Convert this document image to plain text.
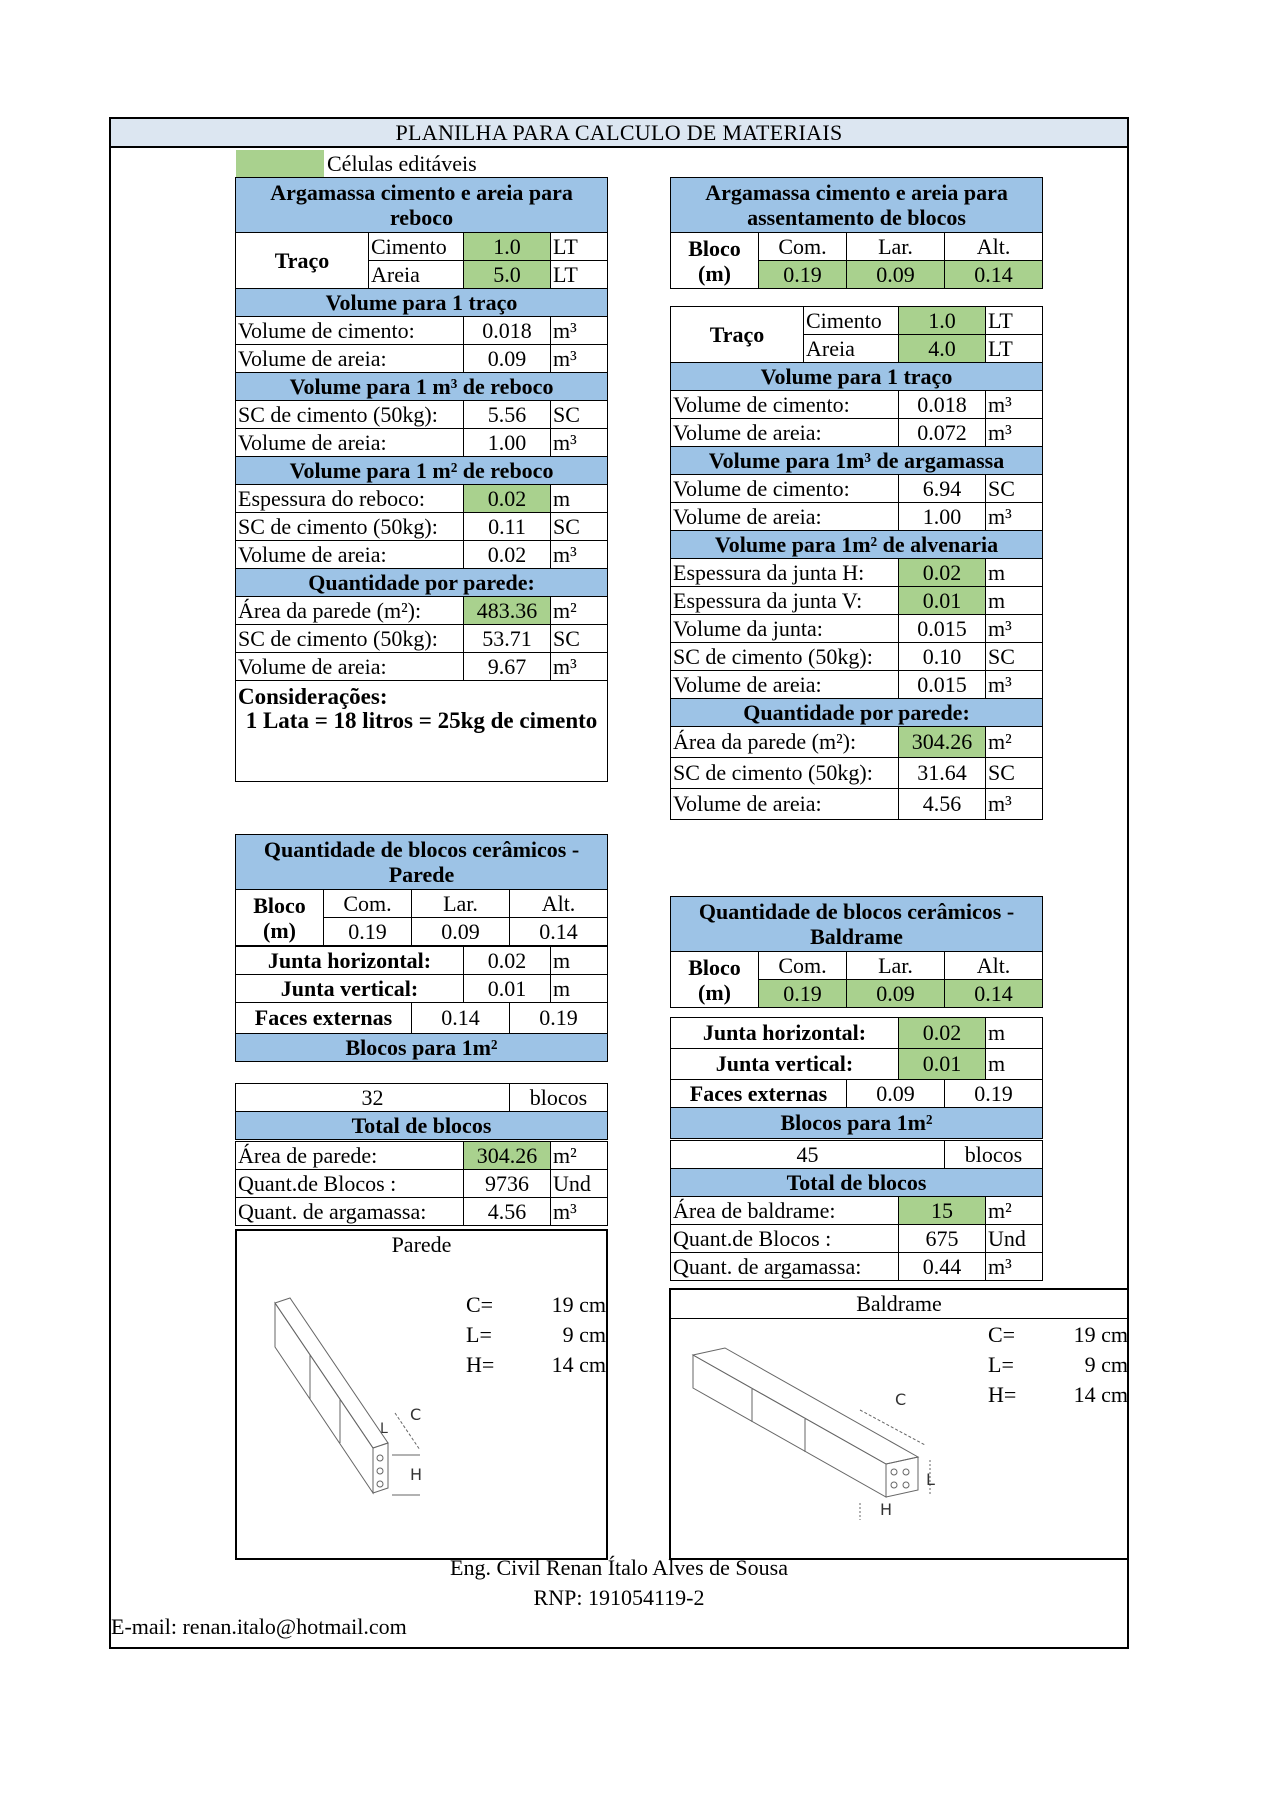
PLANILHA PARA CALCULO DE MATERIAIS
Células editáveis
Argamassa cimento e areia para reboco			
Traço	Cimento	1.0	LT
	Areia	5.0	LT
Volume para 1 traço			
Volume de cimento:		0.018	m³
Volume de areia:		0.09	m³
Volume para 1 m³ de reboco			
SC de cimento (50kg):		5.56	SC
Volume de areia:		1.00	m³
Volume para 1 m² de reboco			
Espessura do reboco:		0.02	m
SC de cimento (50kg):		0.11	SC
Volume de areia:		0.02	m³
Quantidade por parede:			
Área da parede (m²):		483.36	m²
SC de cimento (50kg):		53.71	SC
Volume de areia:		9.67	m³

Considerações:
1 Lata = 18 litros = 25kg de cimento			
Quantidade de blocos cerâmicos - Parede			
Bloco (m)	Com.	Lar.	Alt.
	0.19	0.09	0.14
Junta horizontal:	0.02	m
Junta vertical:	0.01	m
Faces externas	0.14	0.19
Blocos para 1m²
32	blocos
Total de blocos
Área de parede:	304.26	m²
Quant.de Blocos :	9736	Und
Quant. de argamassa:	4.56	m³
Parede
C=	19 cm
L=	9 cm
H=	14 cm
C
H
L
Argamassa cimento e areia para assentamento de blocos			
Bloco (m)	Com.	Lar.	Alt.
	0.19	0.09	0.14
Traço	Cimento	1.0	LT
	Areia	4.0	LT
Volume para 1 traço			
Volume de cimento:		0.018	m³
Volume de areia:		0.072	m³
Volume para 1m³ de argamassa			
Volume de cimento:		6.94	SC
Volume de areia:		1.00	m³
Volume para 1m² de alvenaria			
Espessura da junta H:		0.02	m
Espessura da junta V:		0.01	m
Volume da junta:		0.015	m³
SC de cimento (50kg):		0.10	SC
Volume de areia:		0.015	m³
Quantidade por parede:			
Área da parede (m²):		304.26	m²
SC de cimento (50kg):		31.64	SC
Volume de areia:		4.56	m³
Quantidade de blocos cerâmicos - Baldrame			
Bloco (m)	Com.	Lar.	Alt.
	0.19	0.09	0.14
Junta horizontal:	0.02	m
Junta vertical:	0.01	m
Faces externas	0.09	0.19
Blocos para 1m²
45	blocos
Total de blocos
Área de baldrame:	15	m²
Quant.de Blocos :	675	Und
Quant. de argamassa:	0.44	m³
Baldrame
C=	19 cm
L=	9 cm
H=	14 cm
C
L
H
Eng. Civil Renan Ítalo Alves de Sousa
RNP: 191054119-2
E-mail: renan.italo@hotmail.com
